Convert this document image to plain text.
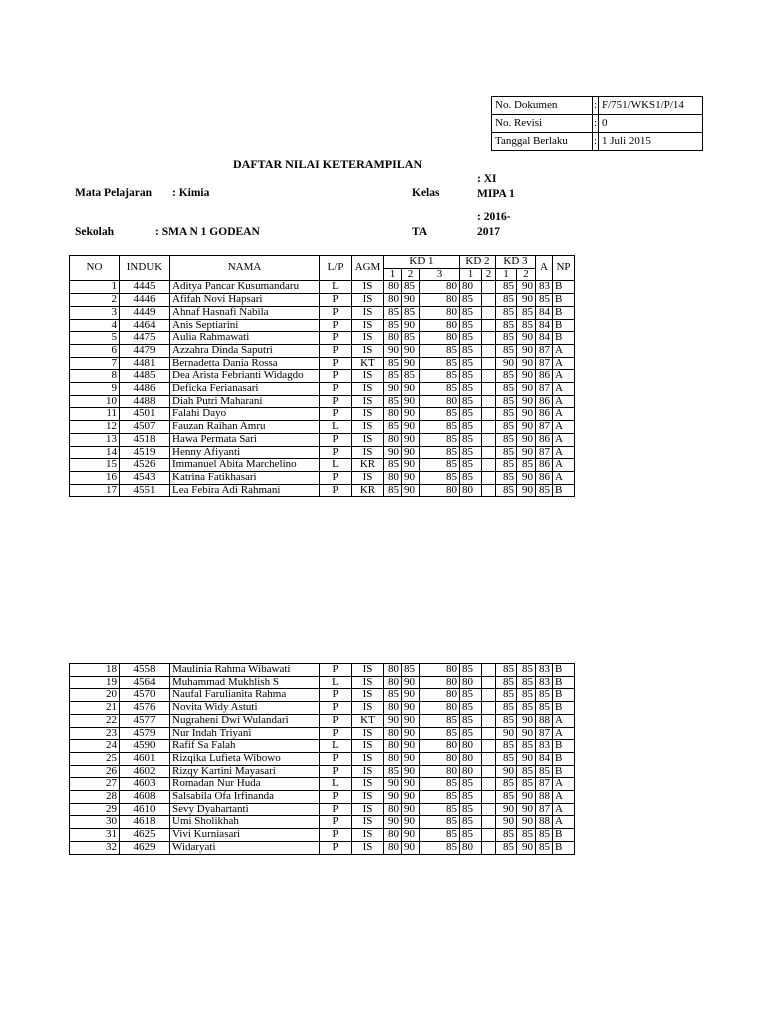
No. Dokumen	:	F/751/WKS1/P/14
No. Revisi	:	0
Tanggal Berlaku	:	1 Juli 2015
DAFTAR NILAI KETERAMPILAN
Mata Pelajaran : Kimia	Kelas
: XI MIPA 1
Sekolah	: SMA N 1 GODEAN	TA
: 2016-2017
NO	INDUK	NAMA	L/P	AGM	KD 1			KD 2		KD 3		A	NP
					1	2	3	1	2	1	2		
1	4445	Aditya Pancar Kusumandaru	L	IS	80	85	80	80		85	90	83	B
2	4446	Afifah Novi Hapsari	P	IS	80	90	80	85		85	90	85	B
3	4449	Ahnaf Hasnafi Nabila	P	IS	85	85	80	85		85	85	84	B
4	4464	Anis Septiarini	P	IS	85	90	80	85		85	85	84	B
5	4475	Aulia Rahmawati	P	IS	80	85	80	85		85	90	84	B
6	4479	Azzahra Dinda Saputri	P	IS	90	90	85	85		85	90	87	A
7	4481	Bernadetta Dania Rossa	P	KT	85	90	85	85		90	90	87	A
8	4485	Dea Arista Febrianti Widagdo	P	IS	85	85	85	85		85	90	86	A
9	4486	Deficka Ferianasari	P	IS	90	90	85	85		85	90	87	A
10	4488	Diah Putri Maharani	P	IS	85	90	80	85		85	90	86	A
11	4501	Falahi Dayo	P	IS	80	90	85	85		85	90	86	A
12	4507	Fauzan Raihan Amru	L	IS	85	90	85	85		85	90	87	A
13	4518	Hawa Permata Sari	P	IS	80	90	85	85		85	90	86	A
14	4519	Henny Afiyanti	P	IS	90	90	85	85		85	90	87	A
15	4526	Immanuel Abita Marchelino	L	KR	85	90	85	85		85	85	86	A
16	4543	Katrina Fatikhasari	P	IS	80	90	85	85		85	90	86	A
17	4551	Lea Febira Adi Rahmani	P	KR	85	90	80	80		85	90	85	B
18	4558	Maulinia Rahma Wibawati	P	IS	80	85	80	85		85	85	83	B
19	4564	Muhammad Mukhlish S	L	IS	80	90	80	80		85	85	83	B
20	4570	Naufal Farulianita Rahma	P	IS	85	90	80	85		85	85	85	B
21	4576	Novita Widy Astuti	P	IS	80	90	80	85		85	85	85	B
22	4577	Nugraheni Dwi Wulandari	P	KT	90	90	85	85		85	90	88	A
23	4579	Nur Indah Triyani	P	IS	80	90	85	85		90	90	87	A
24	4590	Rafif Sa Falah	L	IS	80	90	80	80		85	85	83	B
25	4601	Rizqika Lufieta Wibowo	P	IS	80	90	80	80		85	90	84	B
26	4602	Rizqy Kartini Mayasari	P	IS	85	90	80	80		90	85	85	B
27	4603	Romadan Nur Huda	L	IS	90	90	85	85		85	85	87	A
28	4608	Salsabila Ofa Irfinanda	P	IS	90	90	85	85		85	90	88	A
29	4610	Sevy Dyahartanti	P	IS	80	90	85	85		90	90	87	A
30	4618	Umi Sholikhah	P	IS	90	90	85	85		90	90	88	A
31	4625	Vivi Kurniasari	P	IS	80	90	85	85		85	85	85	B
32	4629	Widaryati	P	IS	80	90	85	80		85	90	85	B
